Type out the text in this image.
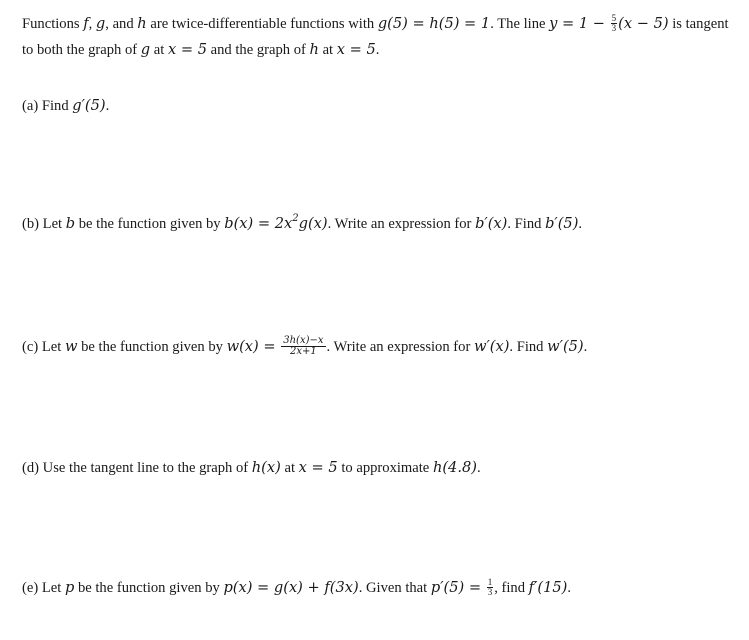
Functions f, g, and h are twice-differentiable functions with g(5) = h(5) = 1. The line $y = 1 - \frac{5}{3} (x - 5)$ is tangent
to both the graph of g at x = 5 and the graph of h at x = 5.
(a) Find g′(5).
(b) Let b be the function given by $b(x) = 2x^2g(x)$. Write an expression for b′(x). Find b′(5).
(c) Let w be the function given by $w(x) = \frac{3h(x)-x}{2x+1}$ . Write an expression for w′(x). Find w′(5).
(d) Use the tangent line to the graph of h(x) at x = 5 to approximate h(4.8).
(e) Let p be the function given by p(x) = g(x) + f(3x). Given that $p'(5) = \frac{1}{3}$ , find f′(15).
